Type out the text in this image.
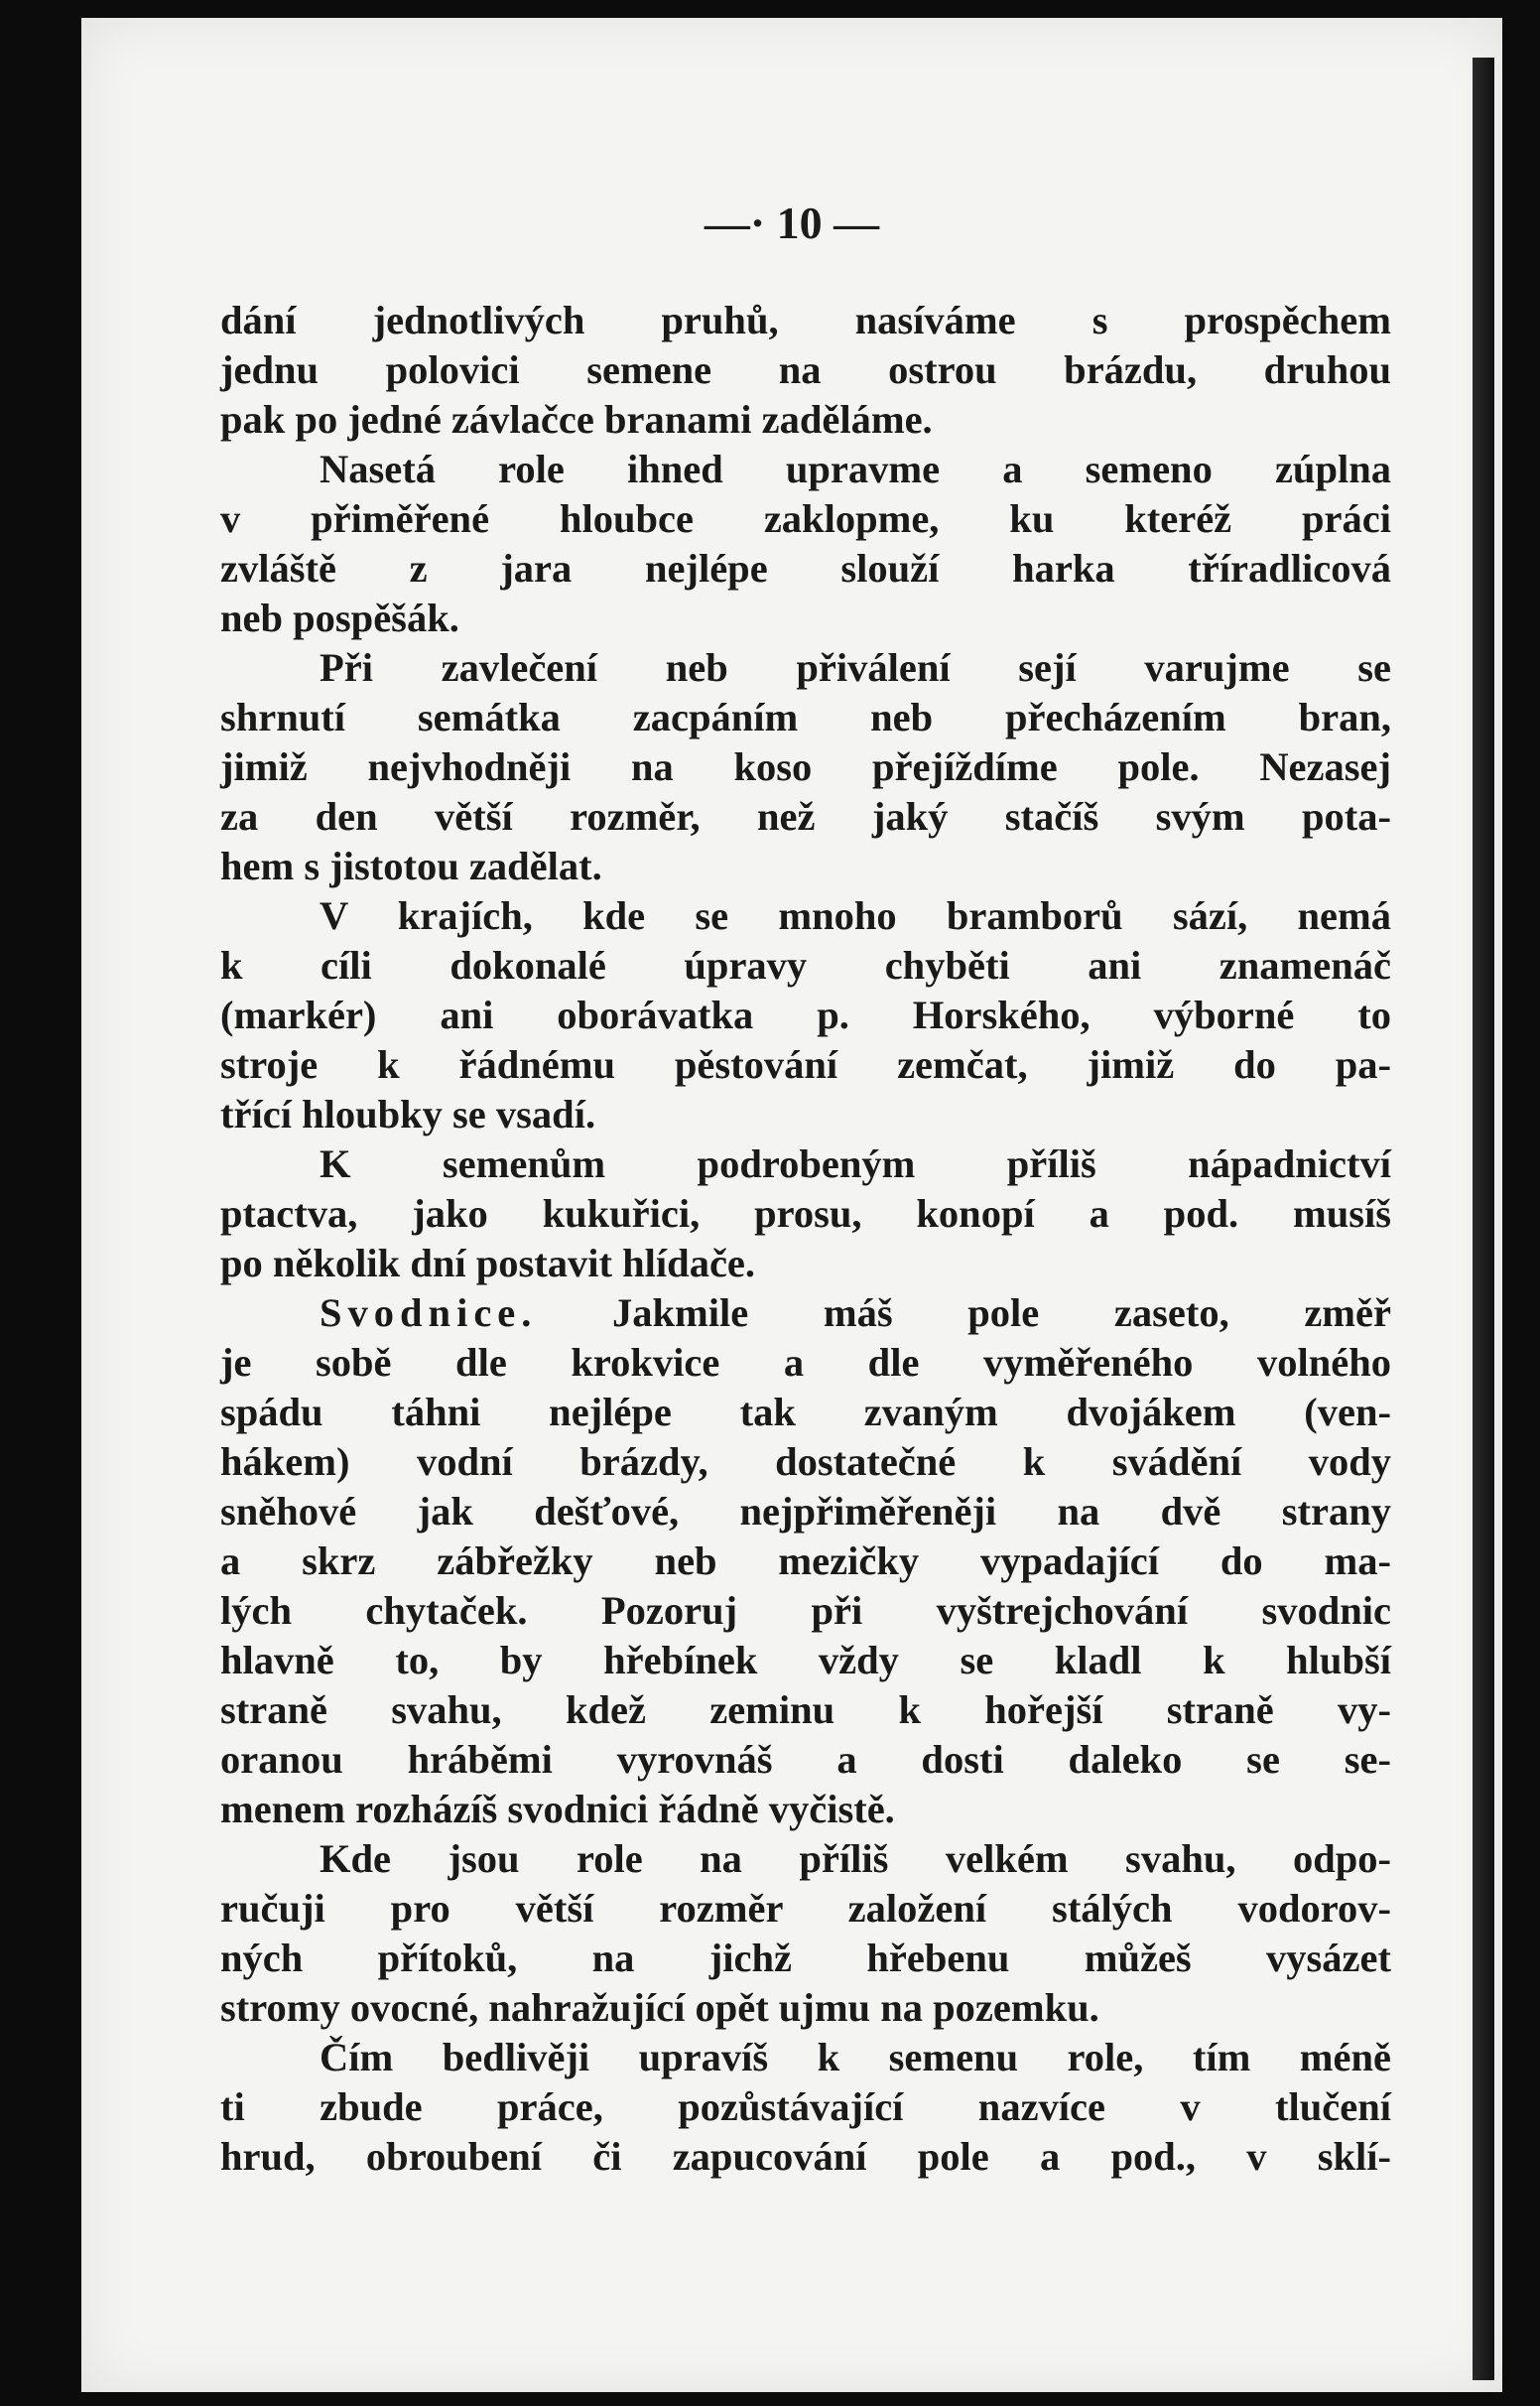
—· 10 —
dání jednotlivých pruhů, nasíváme s prospěchem
jednu polovici semene na ostrou brázdu, druhou
pak po jedné závlačce branami zaděláme.
Nasetá role ihned upravme a semeno zúplna
v přiměřené hloubce zaklopme, ku kteréž práci
zvláště z jara nejlépe slouží harka tříradlicová
neb pospěšák.
Při zavlečení neb přiválení sejí varujme se
shrnutí semátka zacpáním neb přecházením bran,
jimiž nejvhodněji na koso přejíždíme pole. Nezasej
za den větší rozměr, než jaký stačíš svým pota-
hem s jistotou zadělat.
V krajích, kde se mnoho bramborů sází, nemá
k cíli dokonalé úpravy chyběti ani znamenáč
(markér) ani oborávatka p. Horského, výborné to
stroje k řádnému pěstování zemčat, jimiž do pa-
třící hloubky se vsadí.
K semenům podrobeným příliš nápadnictví
ptactva, jako kukuřici, prosu, konopí a pod. musíš
po několik dní postavit hlídače.
Svodnice. Jakmile máš pole zaseto, změř
je sobě dle krokvice a dle vyměřeného volného
spádu táhni nejlépe tak zvaným dvojákem (ven-
hákem) vodní brázdy, dostatečné k svádění vody
sněhové jak dešťové, nejpřiměřeněji na dvě strany
a skrz zábřežky neb mezičky vypadající do ma-
lých chytaček. Pozoruj při vyštrejchování svodnic
hlavně to, by hřebínek vždy se kladl k hlubší
straně svahu, kdež zeminu k hořejší straně vy-
oranou hráběmi vyrovnáš a dosti daleko se se-
menem rozházíš svodnici řádně vyčistě.
Kde jsou role na příliš velkém svahu, odpo-
ručuji pro větší rozměr založení stálých vodorov-
ných přítoků, na jichž hřebenu můžeš vysázet
stromy ovocné, nahražující opět ujmu na pozemku.
Čím bedlivěji upravíš k semenu role, tím méně
ti zbude práce, pozůstávající nazvíce v tlučení
hrud, obroubení či zapucování pole a pod., v sklí-
